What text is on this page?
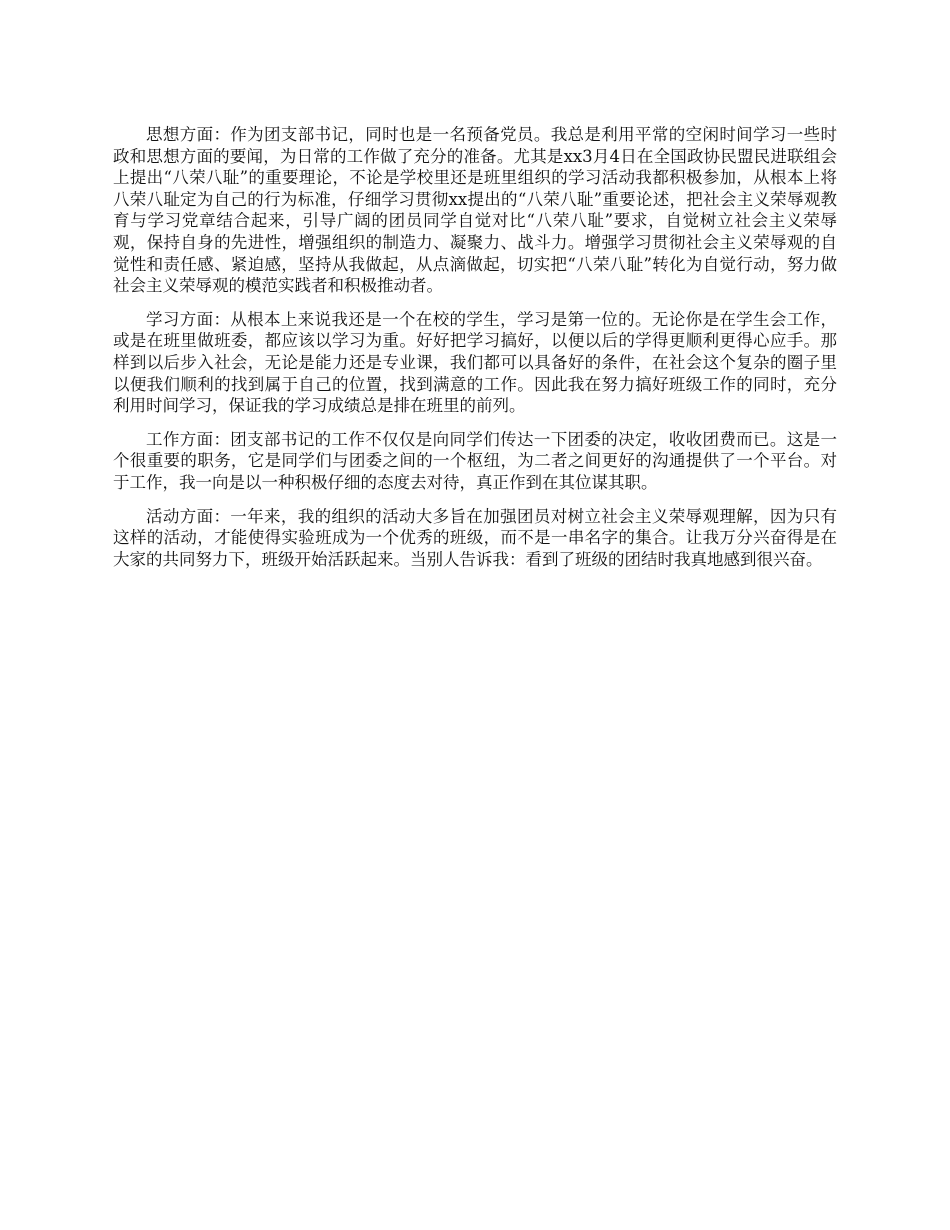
思想方面：作为团支部书记，同时也是一名预备党员。我总是利用平常的空闲时间学习一些时政和思想方面的要闻，为日常的工作做了充分的准备。尤其是xx3月4日在全国政协民盟民进联组会上提出“八荣八耻”的重要理论，不论是学校里还是班里组织的学习活动我都积极参加，从根本上将八荣八耻定为自己的行为标准，仔细学习贯彻xx提出的“八荣八耻”重要论述，把社会主义荣辱观教育与学习党章结合起来，引导广阔的团员同学自觉对比“八荣八耻”要求，自觉树立社会主义荣辱观，保持自身的先进性，增强组织的制造力、凝聚力、战斗力。增强学习贯彻社会主义荣辱观的自觉性和责任感、紧迫感，坚持从我做起，从点滴做起，切实把“八荣八耻”转化为自觉行动，努力做社会主义荣辱观的模范实践者和积极推动者。

学习方面：从根本上来说我还是一个在校的学生，学习是第一位的。无论你是在学生会工作，或是在班里做班委，都应该以学习为重。好好把学习搞好，以便以后的学得更顺利更得心应手。那样到以后步入社会，无论是能力还是专业课，我们都可以具备好的条件，在社会这个复杂的圈子里以便我们顺利的找到属于自己的位置，找到满意的工作。因此我在努力搞好班级工作的同时，充分利用时间学习，保证我的学习成绩总是排在班里的前列。

工作方面：团支部书记的工作不仅仅是向同学们传达一下团委的决定，收收团费而已。这是一个很重要的职务，它是同学们与团委之间的一个枢纽，为二者之间更好的沟通提供了一个平台。对于工作，我一向是以一种积极仔细的态度去对待，真正作到在其位谋其职。

活动方面：一年来，我的组织的活动大多旨在加强团员对树立社会主义荣辱观理解，因为只有这样的活动，才能使得实验班成为一个优秀的班级，而不是一串名字的集合。让我万分兴奋得是在大家的共同努力下，班级开始活跃起来。当别人告诉我：看到了班级的团结时我真地感到很兴奋。
